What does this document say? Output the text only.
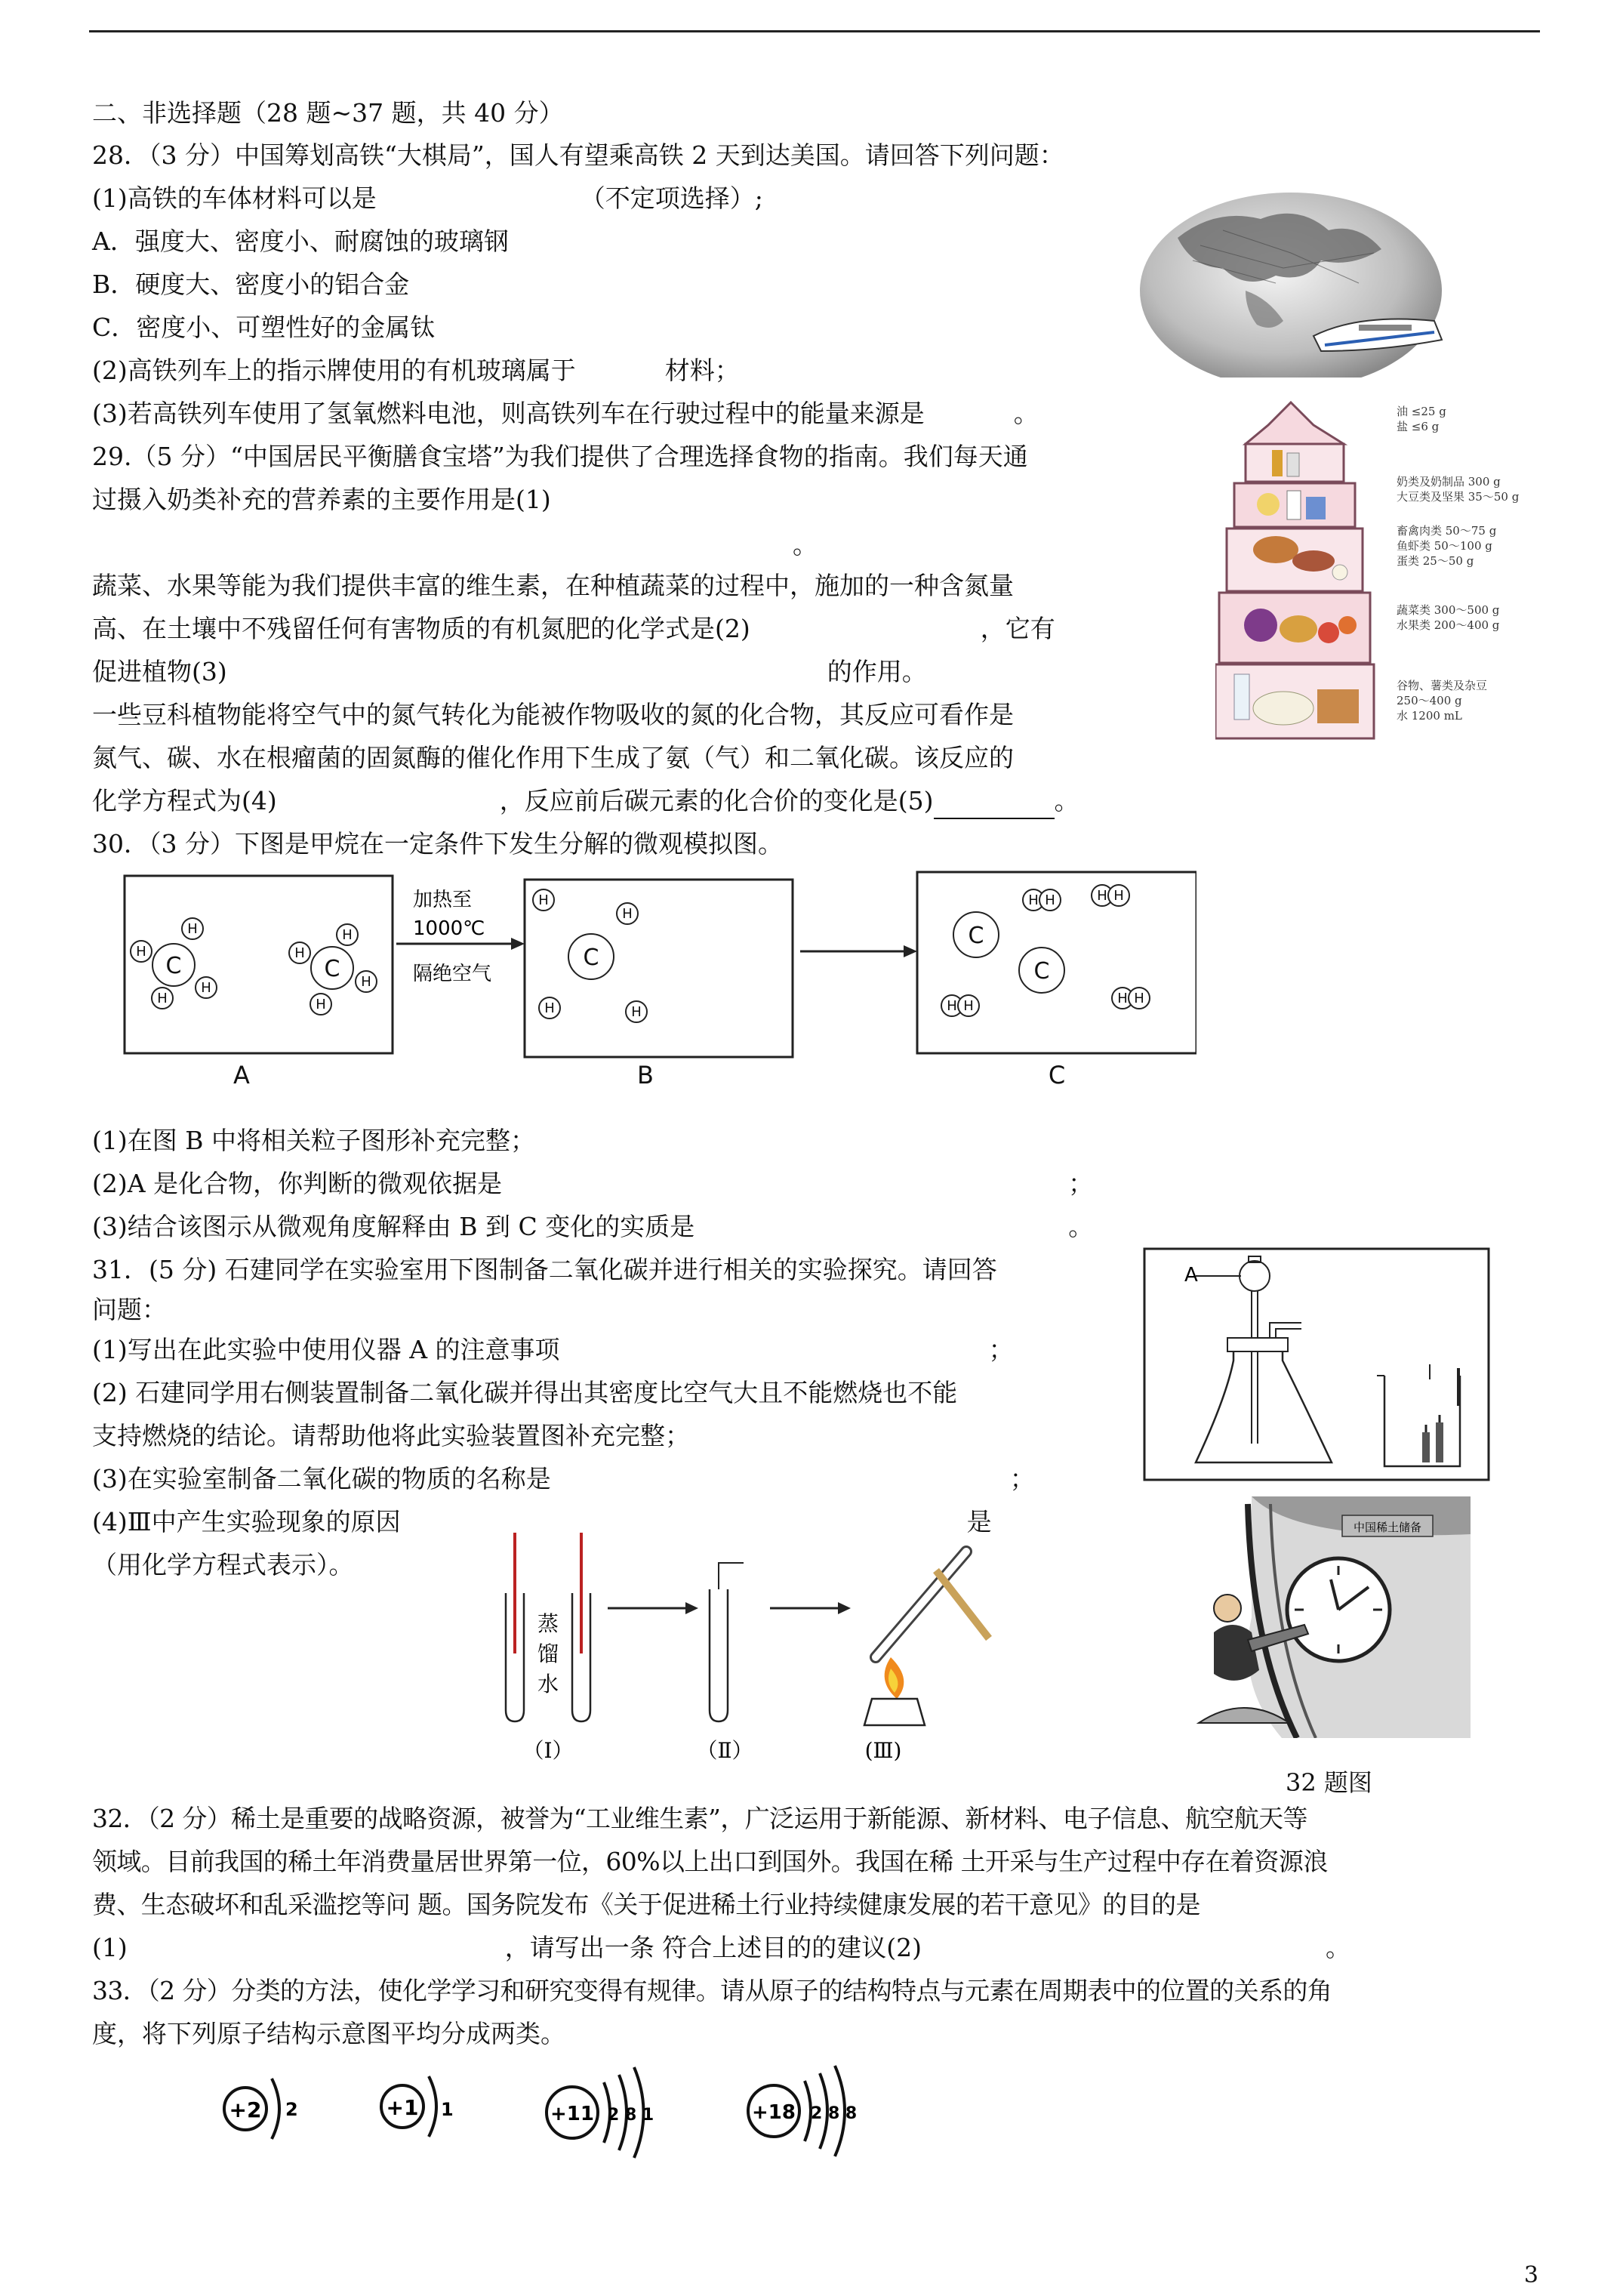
二、非选择题（28 题~37 题，共 40 分）
28．（3 分）中国筹划高铁“大棋局”，国人有望乘高铁 2 天到达美国。请回答下列问题：
(1)高铁的车体材料可以是	（不定项选择）;
A．强度大、密度小、耐腐蚀的玻璃钢
B．硬度大、密度小的铝合金
C．密度小、可塑性好的金属钛
(2)高铁列车上的指示牌使用的有机玻璃属于	材料；
(3)若高铁列车使用了氢氧燃料电池，则高铁列车在行驶过程中的能量来源是	。
29.（5 分）“中国居民平衡膳食宝塔”为我们提供了合理选择食物的指南。我们每天通
过摄入奶类补充的营养素的主要作用是(1)
。
蔬菜、水果等能为我们提供丰富的维生素，在种植蔬菜的过程中，施加的一种含氮量
高、在土壤中不残留任何有害物质的有机氮肥的化学式是(2)	，它有
促进植物(3)	的作用。
一些豆科植物能将空气中的氮气转化为能被作物吸收的氮的化合物，其反应可看作是
氮气、碳、水在根瘤菌的固氮酶的催化作用下生成了氨（气）和二氧化碳。该反应的
化学方程式为(4)	，反应前后碳元素的化合价的变化是(5)	。
油 ≤25 g
盐 ≤6 g
奶类及奶制品 300 g
大豆类及坚果 35～50 g
畜禽肉类 50～75 g
鱼虾类 50～100 g
蛋类 25～50 g
蔬菜类 300～500 g
水果类 200～400 g
谷物、薯类及杂豆
250～400 g
水 1200 mL
30．（3 分）下图是甲烷在一定条件下发生分解的微观模拟图。
C
H
H
H
H
C
H
H
H
H
加热至
1000℃
隔绝空气
C
H
H
H	H
C
C
H H	H H
H H	H H
A	B	C
(1)在图 B 中将相关粒子图形补充完整；
(2)A 是化合物，你判断的微观依据是	；
(3)结合该图示从微观角度解释由 B 到 C 变化的实质是	。
31．(5 分) 石建同学在实验室用下图制备二氧化碳并进行相关的实验探究。请回答
问题：
(1)写出在此实验中使用仪器 A 的注意事项	；
(2) 石建同学用右侧装置制备二氧化碳并得出其密度比空气大且不能燃烧也不能
支持燃烧的结论。请帮助他将此实验装置图补充完整；
(3)在实验室制备二氧化碳的物质的名称是	；
(4)Ⅲ中产生实验现象的原因	是
（用化学方程式表示）。
A
蒸
馏
水
（Ⅰ）	（Ⅱ）	(Ⅲ)
中国稀土储备
32 题图
32．（2 分）稀土是重要的战略资源，被誉为“工业维生素”，广泛运用于新能源、新材料、电子信息、航空航天等
领域。目前我国的稀土年消费量居世界第一位，60%以上出口到国外。我国在稀 土开采与生产过程中存在着资源浪
费、生态破坏和乱采滥挖等问 题。国务院发布《关于促进稀土行业持续健康发展的若干意见》的目的是
(1)	，请写出一条 符合上述目的的建议(2)	。
33．（2 分）分类的方法，使化学学习和研究变得有规律。请从原子的结构特点与元素在周期表中的位置的关系的角
度，将下列原子结构示意图平均分成两类。
+2 2	+1 1	+11 2 8 1	+18 2 8 8
3
